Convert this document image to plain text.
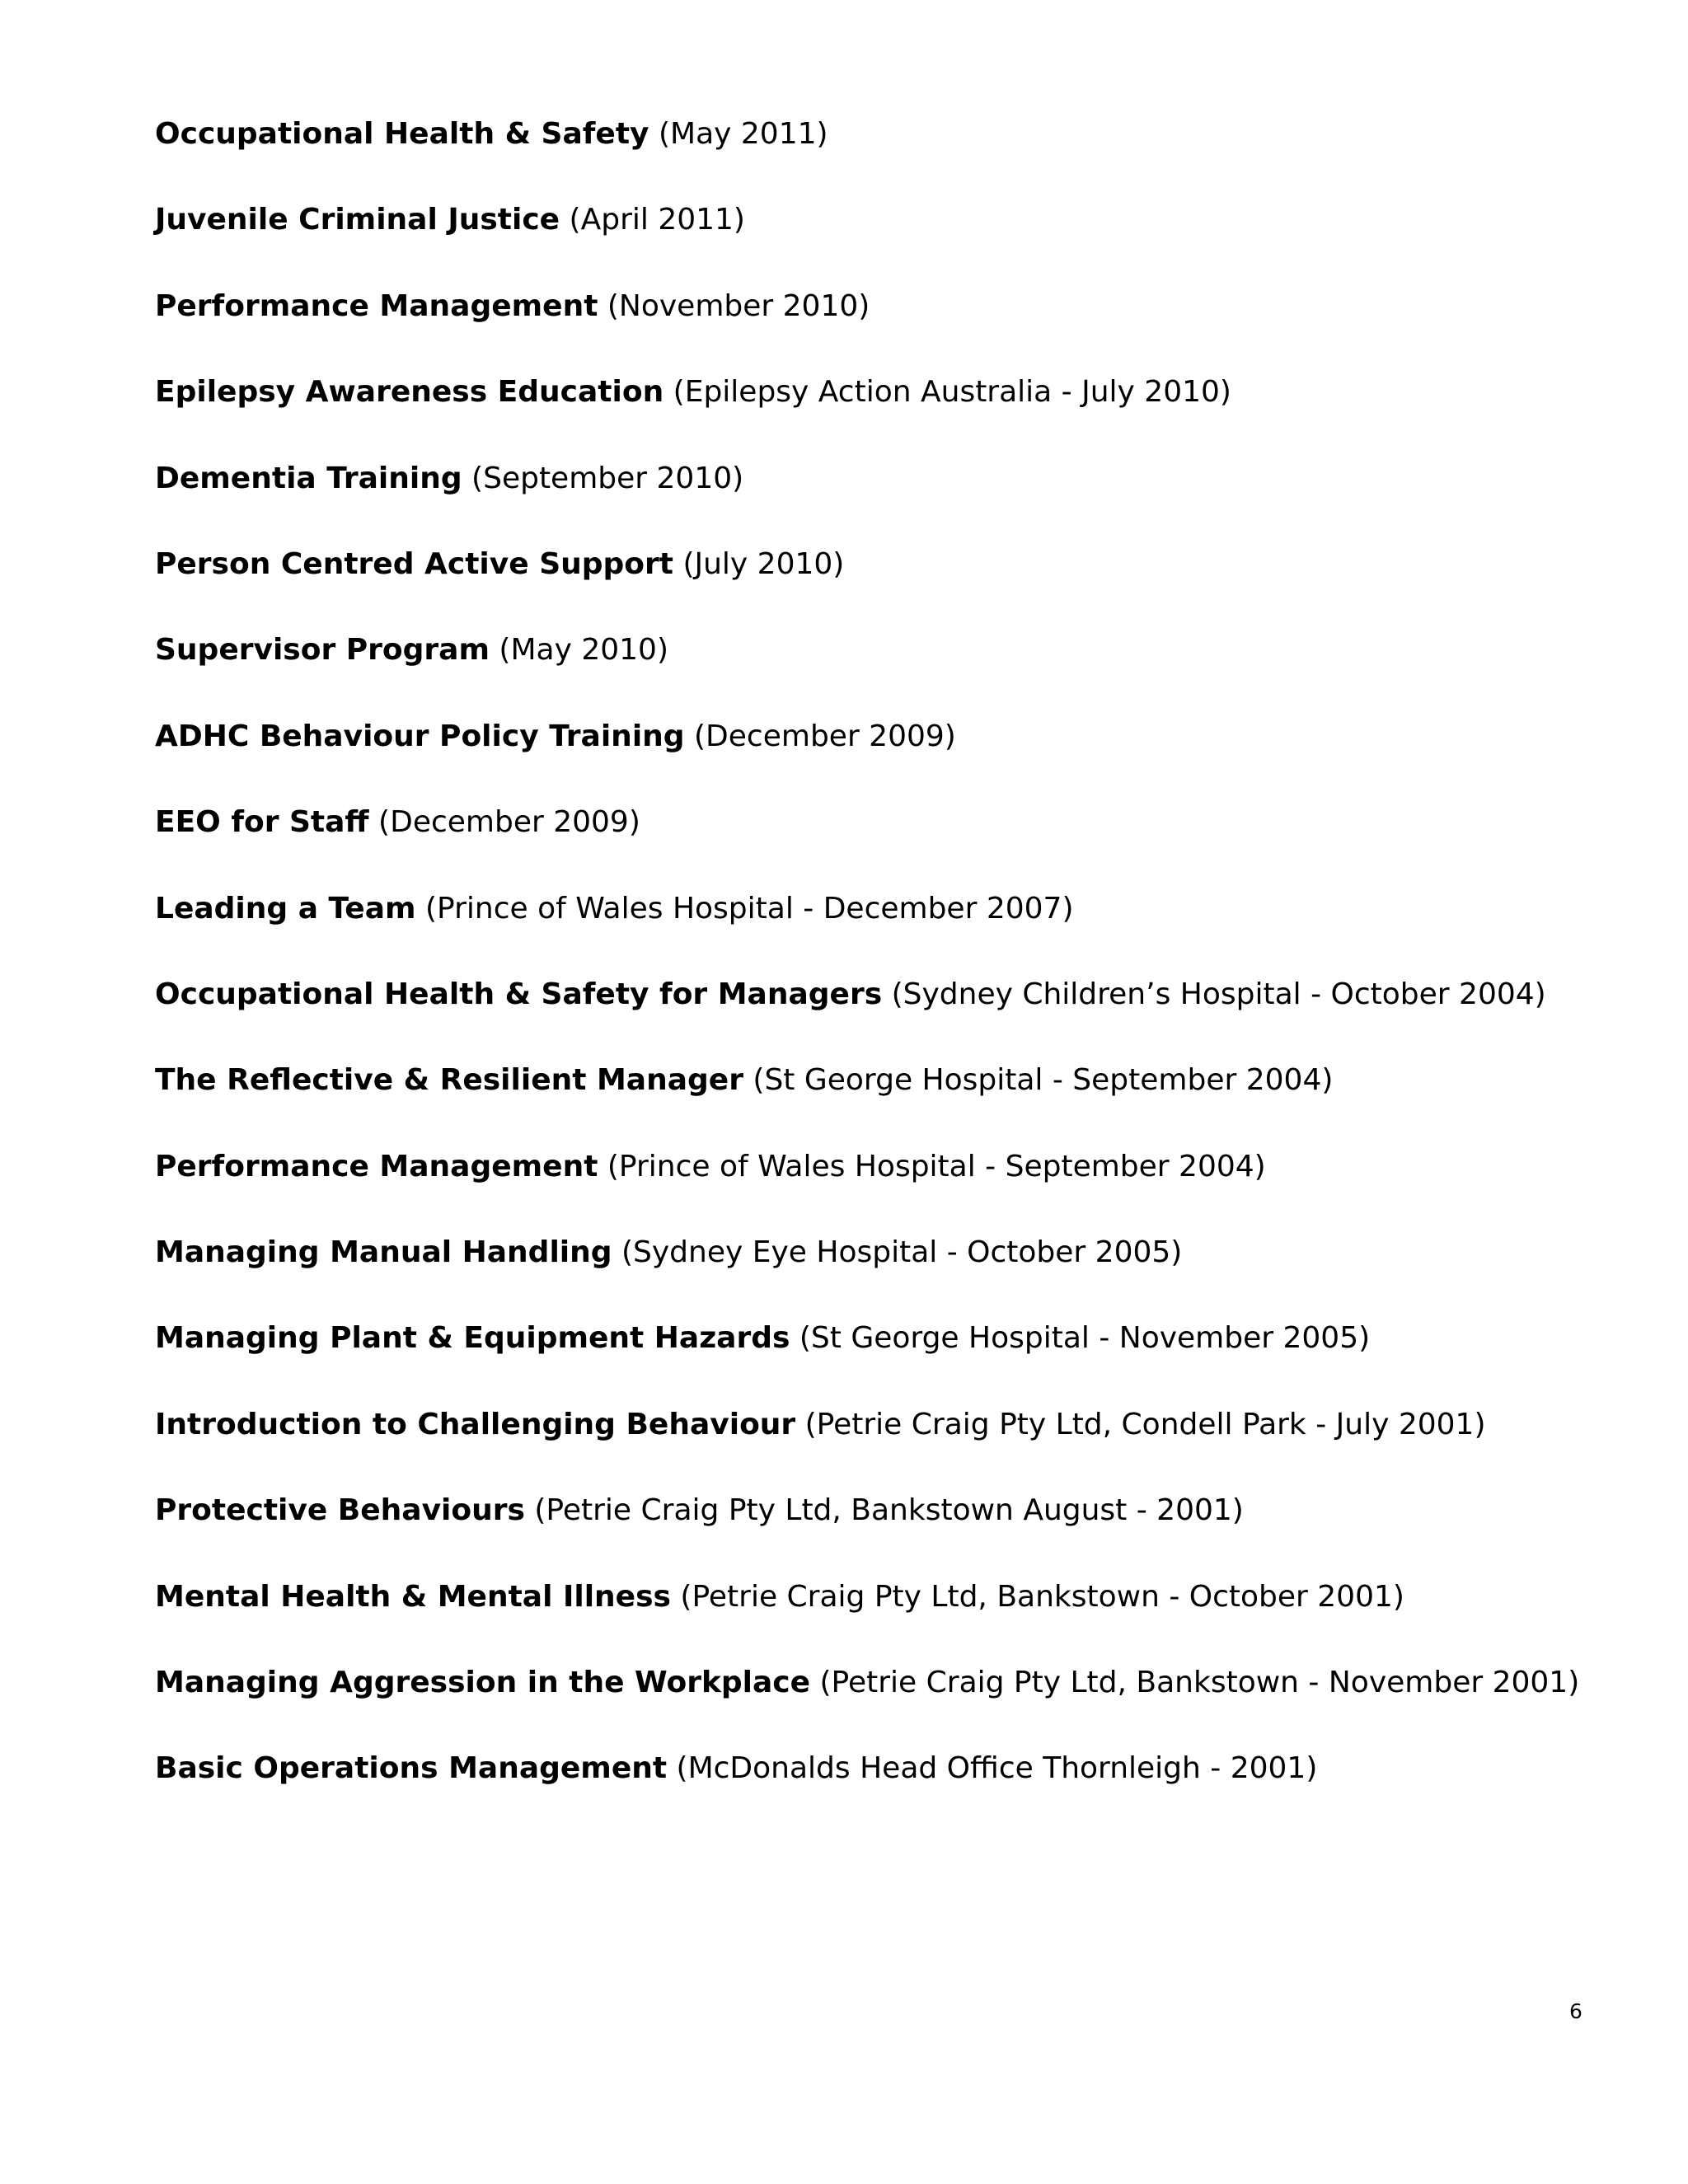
Occupational Health & Safety (May 2011)
Juvenile Criminal Justice (April 2011)
Performance Management (November 2010)
Epilepsy Awareness Education (Epilepsy Action Australia - July 2010)
Dementia Training (September 2010)
Person Centred Active Support (July 2010)
Supervisor Program (May 2010)
ADHC Behaviour Policy Training (December 2009)
EEO for Staff (December 2009)
Leading a Team (Prince of Wales Hospital - December 2007)
Occupational Health & Safety for Managers (Sydney Children’s Hospital - October 2004)
The Reflective & Resilient Manager (St George Hospital - September 2004)
Performance Management (Prince of Wales Hospital - September 2004)
Managing Manual Handling (Sydney Eye Hospital - October 2005)
Managing Plant & Equipment Hazards (St George Hospital - November 2005)
Introduction to Challenging Behaviour (Petrie Craig Pty Ltd, Condell Park - July 2001)
Protective Behaviours (Petrie Craig Pty Ltd, Bankstown August - 2001)
Mental Health & Mental Illness (Petrie Craig Pty Ltd, Bankstown - October 2001)
Managing Aggression in the Workplace (Petrie Craig Pty Ltd, Bankstown - November 2001)
Basic Operations Management (McDonalds Head Office Thornleigh - 2001)
6
